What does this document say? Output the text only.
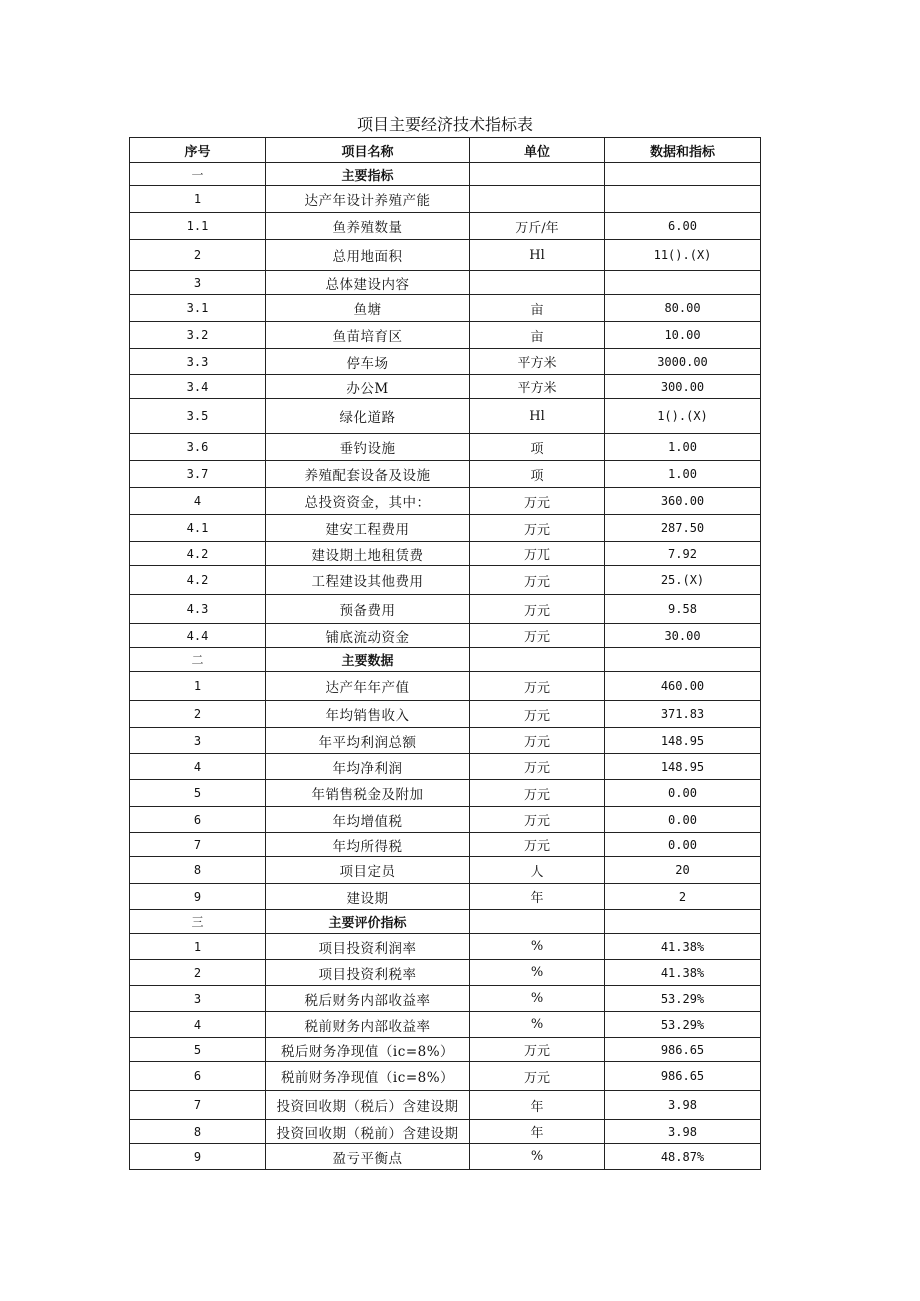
项目主要经济技术指标表
序号	项目名称	单位	数据和指标
一	主要指标		
1	达产年设计养殖产能		
1.1	鱼养殖数量	万斤/年	6.00
2	总用地面积	Hl	11().(X)
3	总体建设内容		
3.1	鱼塘	亩	80.00
3.2	鱼苗培育区	亩	10.00
3.3	停车场	平方米	3000.00
3.4	办公M	平方米	300.00
3.5	绿化道路	Hl	1().(X)
3.6	垂钓设施	项	1.00
3.7	养殖配套设备及设施	项	1.00
4	总投资资金，其中：	万元	360.00
4.1	建安工程费用	万元	287.50
4.2	建设期土地租赁费	万兀	7.92
4.2	工程建设其他费用	万元	25.(X)
4.3	预备费用	万元	9.58
4.4	铺底流动资金	万元	30.00
二	主要数据		
1	达产年年产值	万元	460.00
2	年均销售收入	万元	371.83
3	年平均利润总额	万元	148.95
4	年均净利润	万元	148.95
5	年销售税金及附加	万元	0.00
6	年均增值税	万元	0.00
7	年均所得税	万元	0.00
8	项目定员	人	20
9	建设期	年	2
三	主要评价指标		
1	项目投资利润率	%	41.38%
2	项目投资利税率	%	41.38%
3	税后财务内部收益率	%	53.29%
4	税前财务内部收益率	%	53.29%
5	税后财务净现值（ic=8%）	万元	986.65
6	税前财务净现值（ic=8%）	万元	986.65
7	投资回收期（税后）含建设期	年	3.98
8	投资回收期（税前）含建设期	年	3.98
9	盈亏平衡点	%	48.87%
